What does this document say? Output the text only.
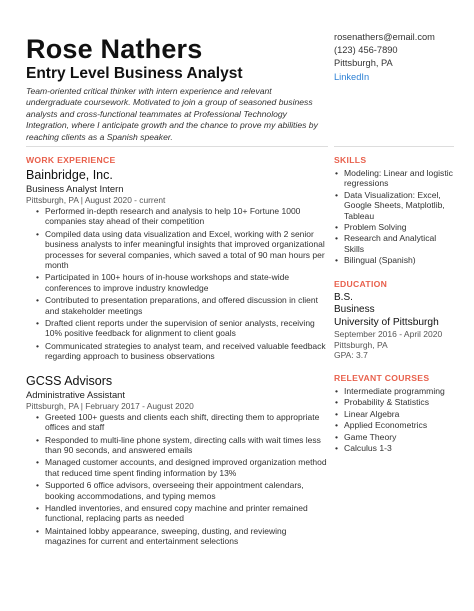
Rose Nathers
Entry Level Business Analyst
rosenathers@email.com
(123) 456-7890
Pittsburgh, PA
LinkedIn
Team-oriented critical thinker with intern experience and relevant undergraduate coursework. Motivated to join a group of seasoned business analysts and cross-functional teammates at Professional Technology Integration, where I anticipate growth and the chance to prove my abilities by reaching clients as a Spanish speaker.
WORK EXPERIENCE
Bainbridge, Inc.
Business Analyst Intern
Pittsburgh, PA | August 2020 - current
• Performed in-depth research and analysis to help 10+ Fortune 1000 companies stay ahead of their competition
• Compiled data using data visualization and Excel, working with 2 senior business analysts to infer meaningful insights that improved organizational processes for several companies, which saved a total of 90 man hours per month
• Participated in 100+ hours of in-house workshops and state-wide conferences to improve industry knowledge
• Contributed to presentation preparations, and offered discussion in client and stakeholder meetings
• Drafted client reports under the supervision of senior analysts, receiving 10% positive feedback for alignment to client goals
• Communicated strategies to analyst team, and received valuable feedback regarding approach to business observations
GCSS Advisors
Administrative Assistant
Pittsburgh, PA | February 2017 - August 2020
• Greeted 100+ guests and clients each shift, directing them to appropriate offices and staff
• Responded to multi-line phone system, directing calls with wait times less than 90 seconds, and answered emails
• Managed customer accounts, and designed improved organization method that reduced time spent finding information by 13%
• Supported 6 office advisors, overseeing their appointment calendars, booking accommodations, and typing memos
• Handled inventories, and ensured copy machine and printer remained functional, replacing parts as needed
• Maintained lobby appearance, sweeping, dusting, and reviewing magazines for current and entertainment selections
SKILLS
• Modeling: Linear and logistic regressions
• Data Visualization: Excel, Google Sheets, Matplotlib, Tableau
• Problem Solving
• Research and Analytical Skills
• Bilingual (Spanish)
EDUCATION
B.S.
Business
University of Pittsburgh
September 2016 - April 2020
Pittsburgh, PA
GPA: 3.7
RELEVANT COURSES
• Intermediate programming
• Probability & Statistics
• Linear Algebra
• Applied Econometrics
• Game Theory
• Calculus 1-3
